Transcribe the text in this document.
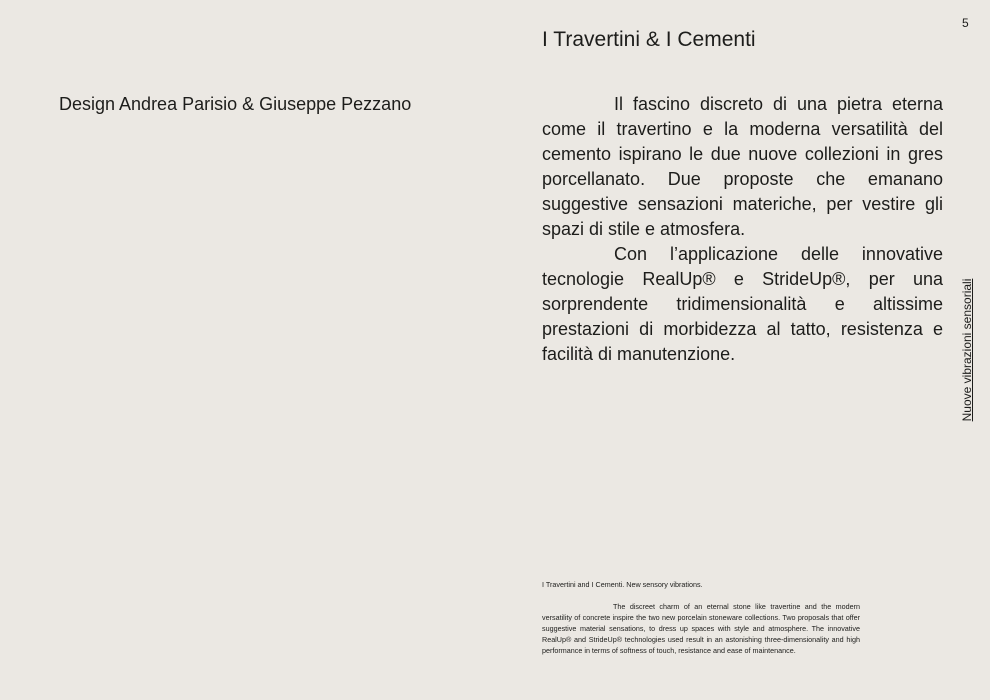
5
I Travertini & I Cementi
Design Andrea Parisio & Giuseppe Pezzano	Il fascino discreto di una pietra eterna come il travertino e la moderna versatilità del cemento ispirano le due nuove collezioni in gres porcellanato. Due proposte che emanano suggestive sensazioni materiche, per vestire gli spazi di stile e atmosfera.

Con l’applicazione delle innovative tecnologie RealUp® e StrideUp®, per una sorprendente tridimensionalità e altissime prestazioni di morbidezza al tatto, resistenza e facilità di manutenzione.	Nuove vibrazioni sensoriali
I Travertini and I Cementi. New sensory vibrations.

The discreet charm of an eternal stone like travertine and the modern versatility of concrete inspire the two new porcelain stoneware collections. Two proposals that offer suggestive material sensations, to dress up spaces with style and atmosphere. The innovative RealUp® and StrideUp® technologies used result in an astonishing three-dimensionality and high performance in terms of softness of touch, resistance and ease of maintenance.
